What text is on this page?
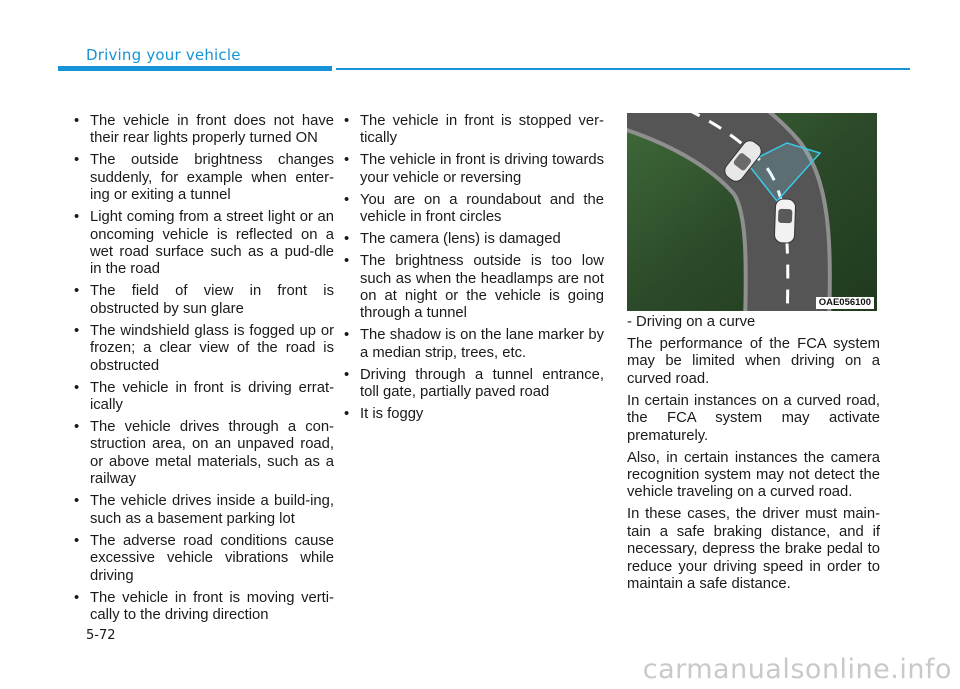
Driving your vehicle
• The vehicle in front does not have their rear lights properly turned ON
• The outside brightness changes suddenly, for example when enter-ing or exiting a tunnel
• Light coming from a street light or an oncoming vehicle is reflected on a wet road surface such as a pud-dle in the road
• The field of view in front is obstructed by sun glare
• The windshield glass is fogged up or frozen; a clear view of the road is obstructed
• The vehicle in front is driving errat-ically
• The vehicle drives through a con-struction area, on an unpaved road, or above metal materials, such as a railway
• The vehicle drives inside a build-ing, such as a basement parking lot
• The adverse road conditions cause excessive vehicle vibrations while driving
• The vehicle in front is moving verti-cally to the driving direction
• The vehicle in front is stopped ver-tically
• The vehicle in front is driving towards your vehicle or reversing
• You are on a roundabout and the vehicle in front circles
• The camera (lens) is damaged
• The brightness outside is too low such as when the headlamps are not on at night or the vehicle is going through a tunnel
• The shadow is on the lane marker by a median strip, trees, etc.
• Driving through a tunnel entrance, toll gate, partially paved road
• It is foggy
OAE056100

- Driving on a curve

The performance of the FCA system may be limited when driving on a curved road.

In certain instances on a curved road, the FCA system may activate prematurely.

Also, in certain instances the camera recognition system may not detect the vehicle traveling on a curved road.

In these cases, the driver must main-tain a safe braking distance, and if necessary, depress the brake pedal to reduce your driving speed in order to maintain a safe distance.

5-72
carmanualsonline.info
